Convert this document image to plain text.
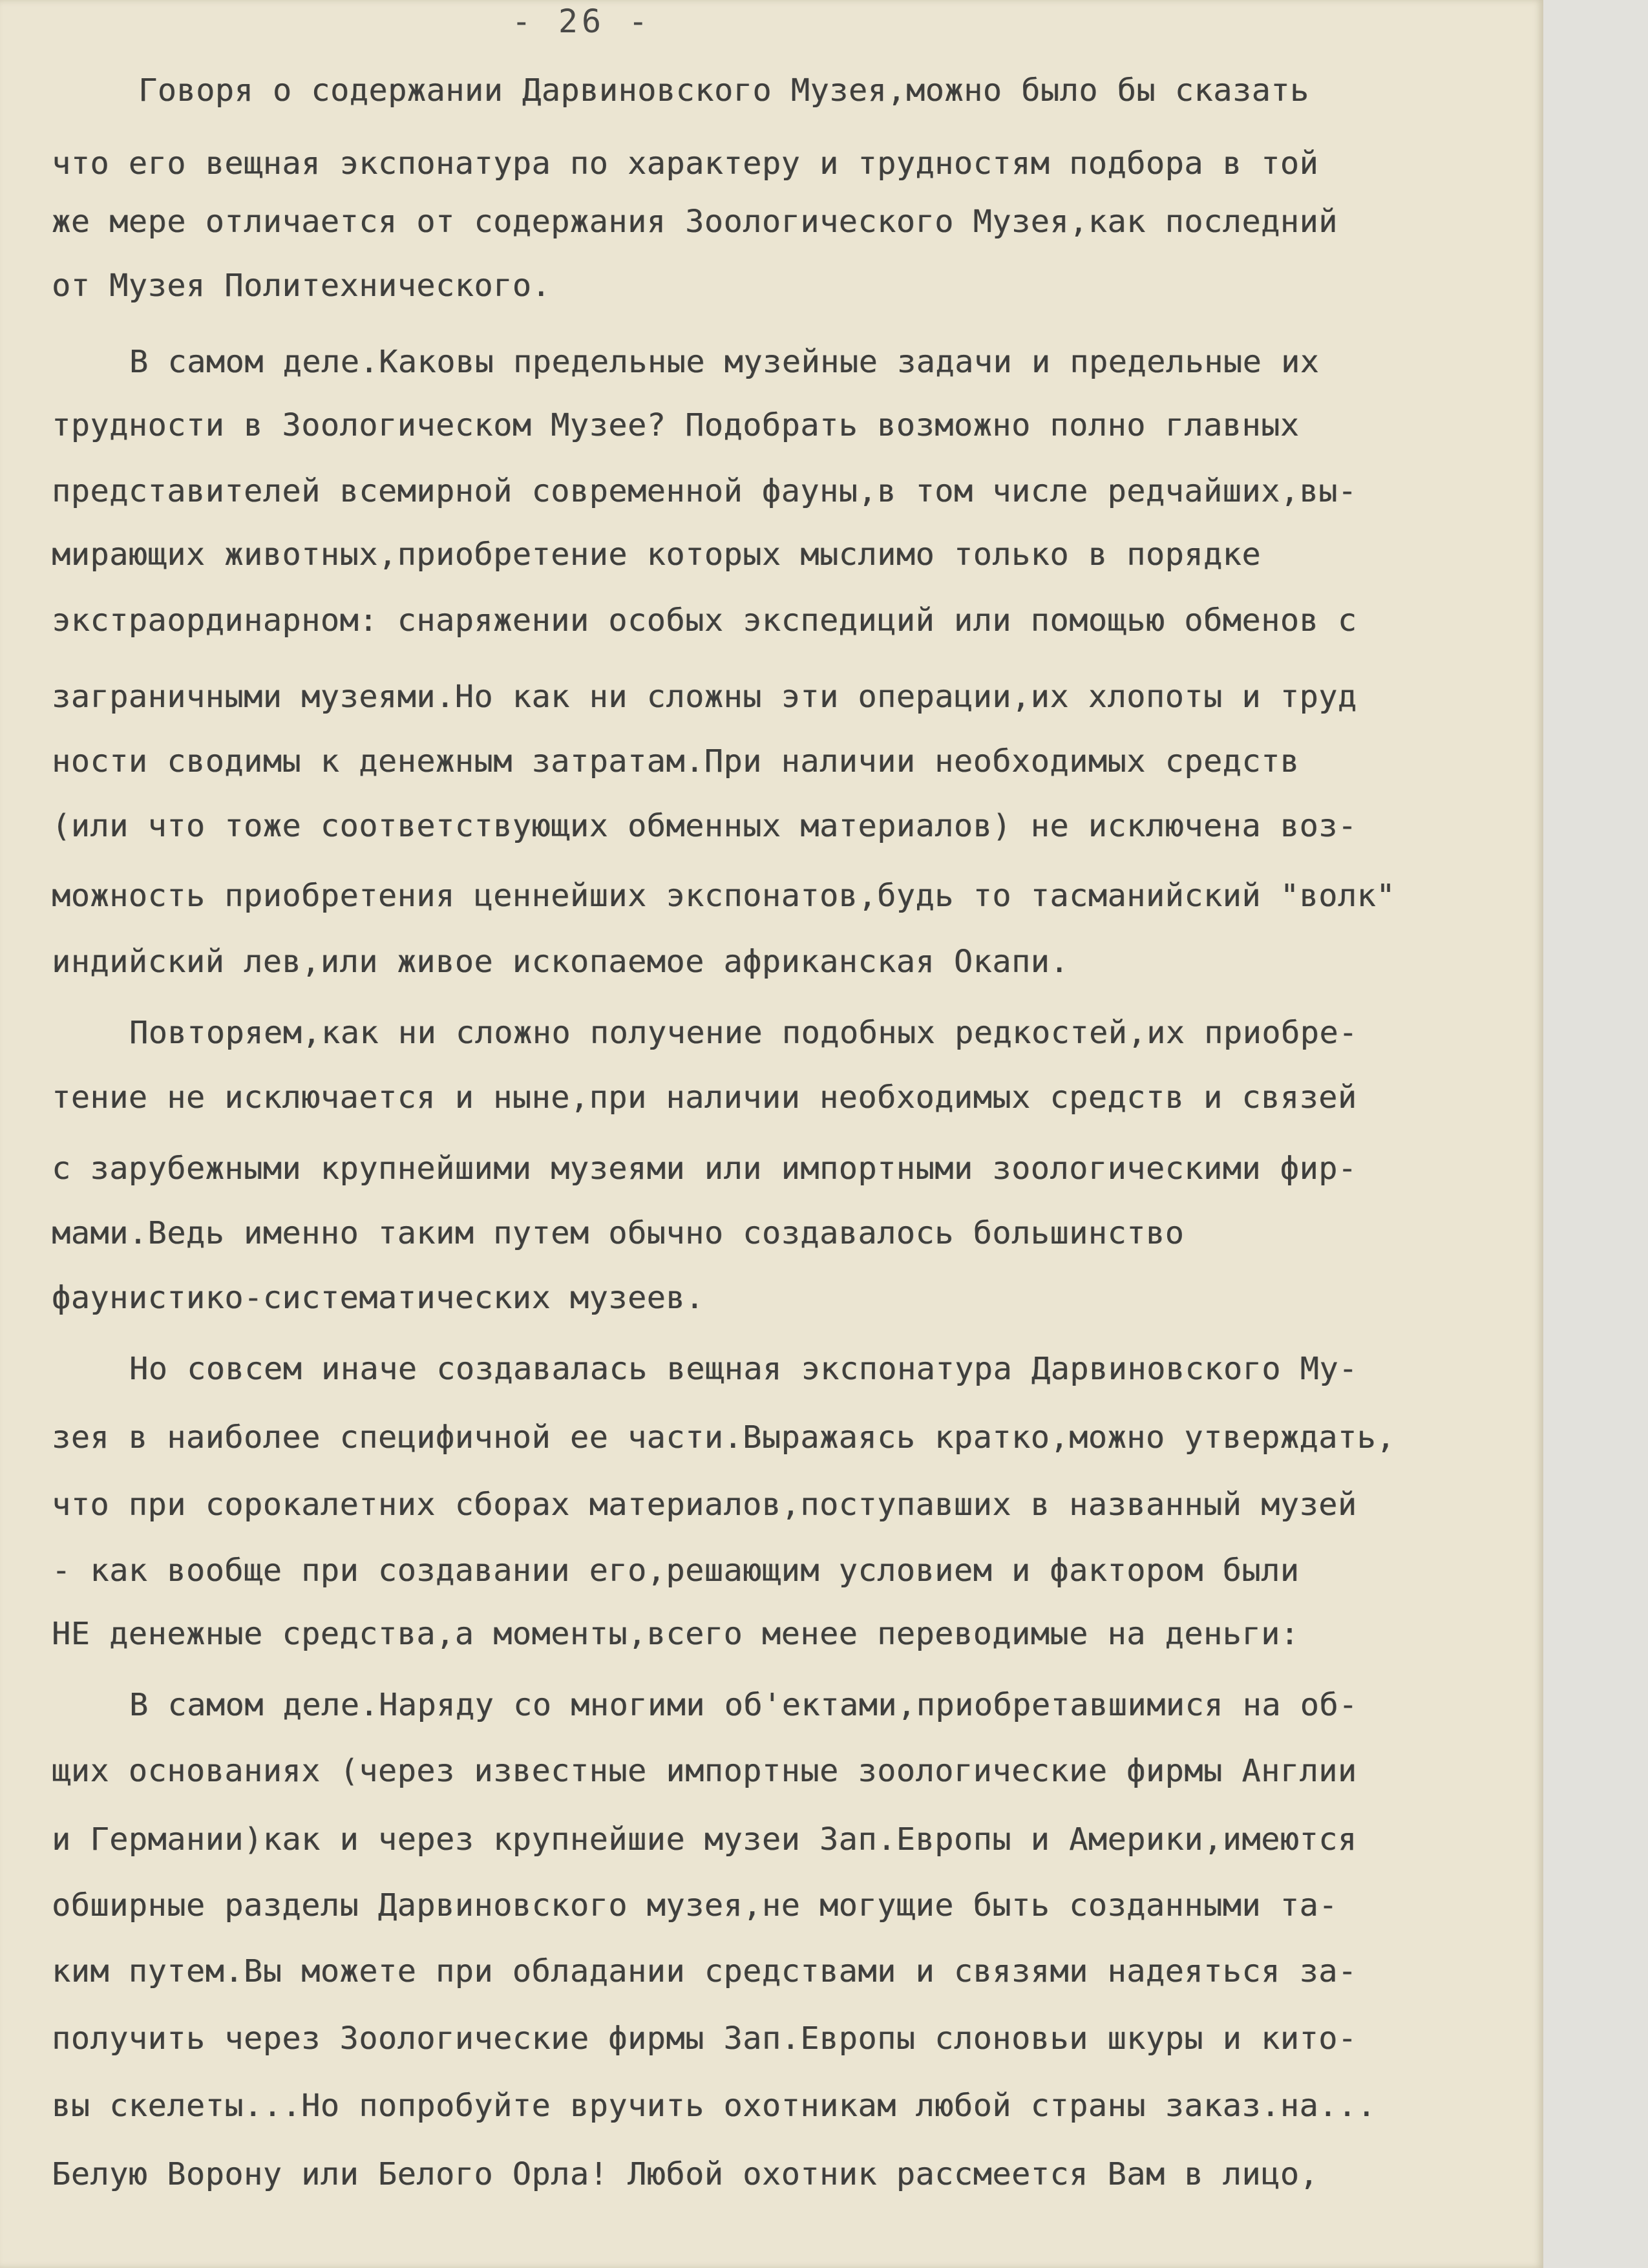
- 26 -
Говоря о содержании Дарвиновского Музея,можно было бы сказать
что его вещная экспонатура по характеру и трудностям подбора в той
же мере отличается от содержания Зоологического Музея,как последний
от Музея Политехнического.
В самом деле.Каковы предельные музейные задачи и предельные их
трудности в Зоологическом Музее? Подобрать возможно полно главных
представителей всемирной современной фауны,в том числе редчайших,вы-
мирающих животных,приобретение которых мыслимо только в порядке
экстраординарном: снаряжении особых экспедиций или помощью обменов с
заграничными музеями.Но как ни сложны эти операции,их хлопоты и труд
ности сводимы к денежным затратам.При наличии необходимых средств
(или что тоже соответствующих обменных материалов) не исключена воз-
можность приобретения ценнейших экспонатов,будь то тасманийский "волк"
индийский лев,или живое ископаемое африканская Окапи.
Повторяем,как ни сложно получение подобных редкостей,их приобре-
тение не исключается и ныне,при наличии необходимых средств и связей
с зарубежными крупнейшими музеями или импортными зоологическими фир-
мами.Ведь именно таким путем обычно создавалось большинство
фаунистико-систематических музеев.
Но совсем иначе создавалась вещная экспонатура Дарвиновского Му-
зея в наиболее специфичной ее части.Выражаясь кратко,можно утверждать,
что при сорокалетних сборах материалов,поступавших в названный музей
- как вообще при создавании его,решающим условием и фактором были
НЕ денежные средства,а моменты,всего менее переводимые на деньги:
В самом деле.Наряду со многими об'ектами,приобретавшимися на об-
щих основаниях (через известные импортные зоологические фирмы Англии
и Германии)как и через крупнейшие музеи Зап.Европы и Америки,имеются
обширные разделы Дарвиновского музея,не могущие быть созданными та-
ким путем.Вы можете при обладании средствами и связями надеяться за-
получить через Зоологические фирмы Зап.Европы слоновьи шкуры и кито-
вы скелеты...Но попробуйте вручить охотникам любой страны заказ.на...
Белую Ворону или Белого Орла! Любой охотник рассмеется Вам в лицо,
